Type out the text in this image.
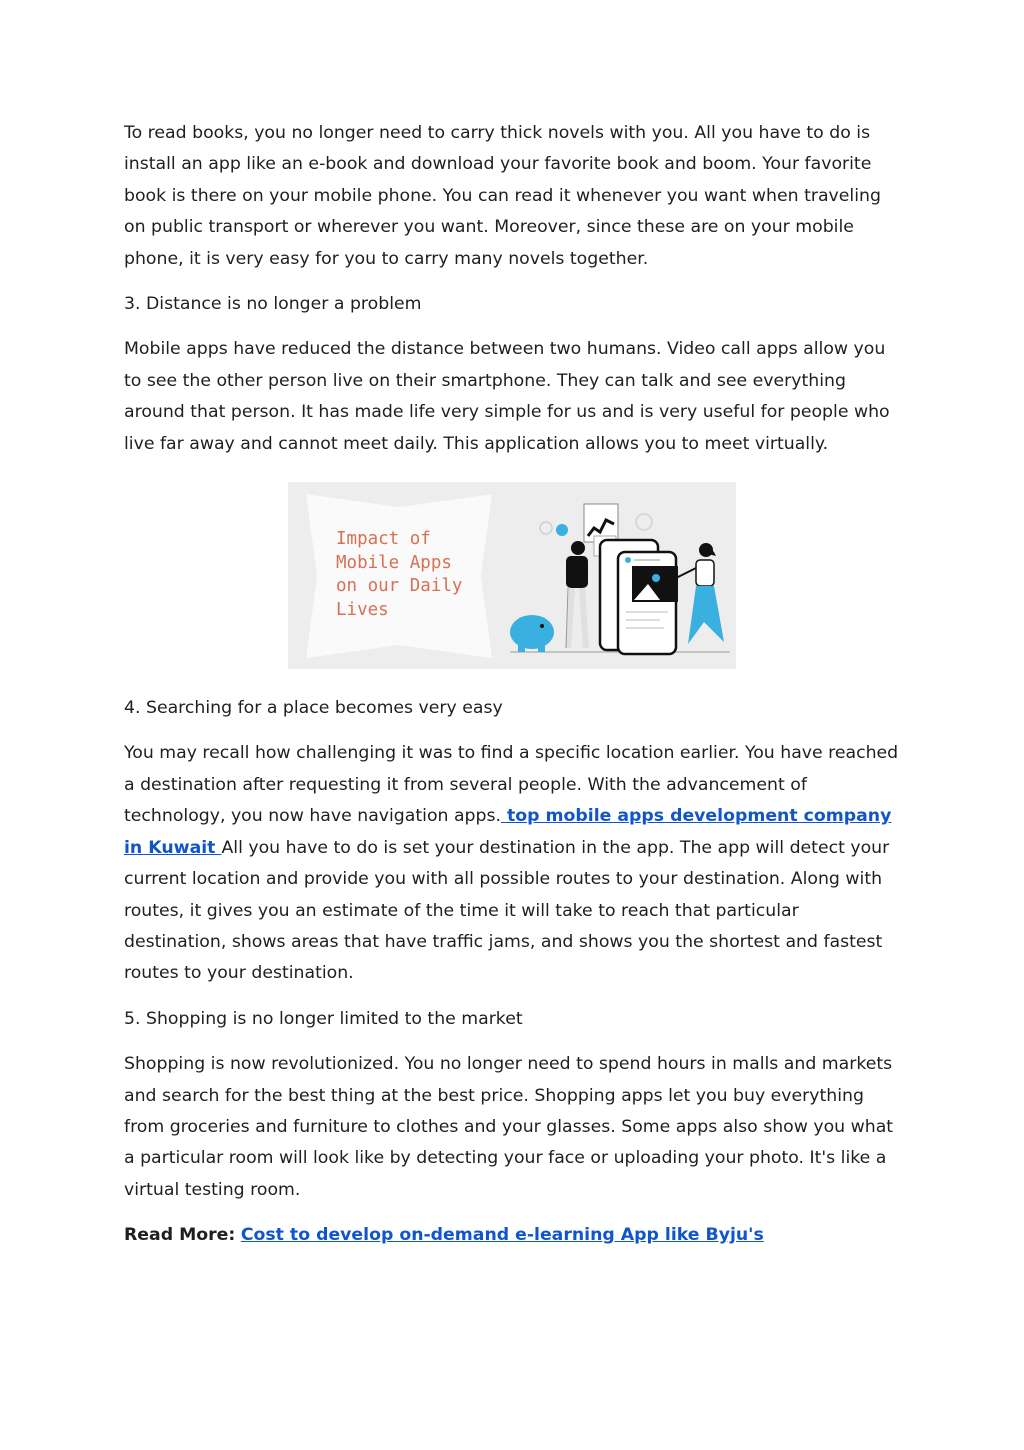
To read books, you no longer need to carry thick novels with you. All you have to do is install an app like an e-book and download your favorite book and boom. Your favorite book is there on your mobile phone. You can read it whenever you want when traveling on public transport or wherever you want. Moreover, since these are on your mobile phone, it is very easy for you to carry many novels together.

3. Distance is no longer a problem

Mobile apps have reduced the distance between two humans. Video call apps allow you to see the other person live on their smartphone. They can talk and see everything around that person. It has made life very simple for us and is very useful for people who live far away and cannot meet daily. This application allows you to meet virtually.

Impact of
Mobile Apps
on our Daily
Lives

4. Searching for a place becomes very easy

You may recall how challenging it was to find a specific location earlier. You have reached a destination after requesting it from several people. With the advancement of technology, you now have navigation apps. top mobile apps development company in Kuwait All you have to do is set your destination in the app. The app will detect your current location and provide you with all possible routes to your destination. Along with routes, it gives you an estimate of the time it will take to reach that particular destination, shows areas that have traffic jams, and shows you the shortest and fastest routes to your destination.

5. Shopping is no longer limited to the market

Shopping is now revolutionized. You no longer need to spend hours in malls and markets and search for the best thing at the best price. Shopping apps let you buy everything from groceries and furniture to clothes and your glasses. Some apps also show you what a particular room will look like by detecting your face or uploading your photo. It's like a virtual testing room.

Read More: Cost to develop on-demand e-learning App like Byju's
